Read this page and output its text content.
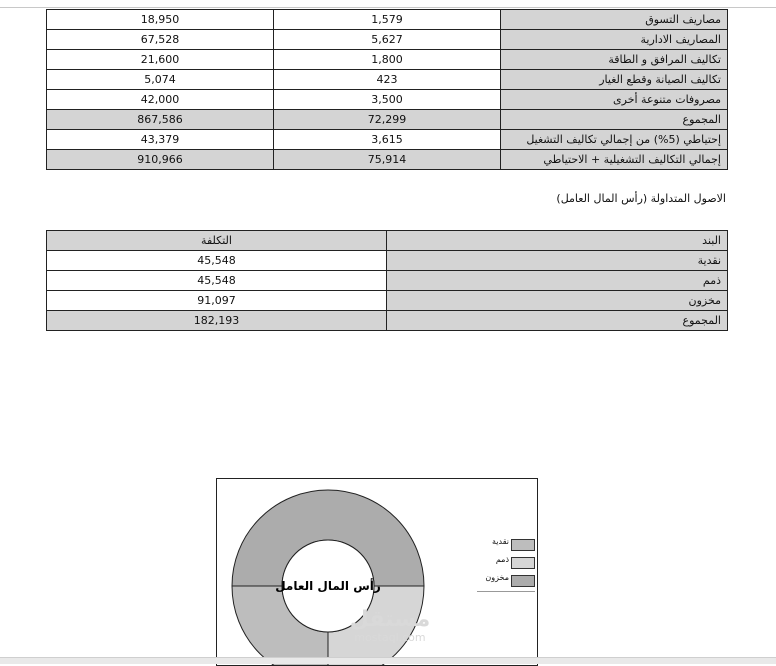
18,950	1,579	مصاريف التسوق
67,528	5,627	المصاريف الادارية
21,600	1,800	تكاليف المرافق و الطاقة
5,074	423	تكاليف الصيانة وقطع الغيار
42,000	3,500	مصروفات متنوعة أخرى
867,586	72,299	المجموع
43,379	3,615	إحتياطي (5%) من إجمالي تكاليف التشغيل
910,966	75,914	إجمالي التكاليف التشغيلية + الاحتياطي
الاصول المتداولة (رأس المال العامل)
التكلفة	البند
45,548	نقدية
45,548	ذمم
91,097	مخزون
182,193	المجموع
رأس المال العامل
نقدية
ذمم
مخزون
مستقل
mostaql.com
